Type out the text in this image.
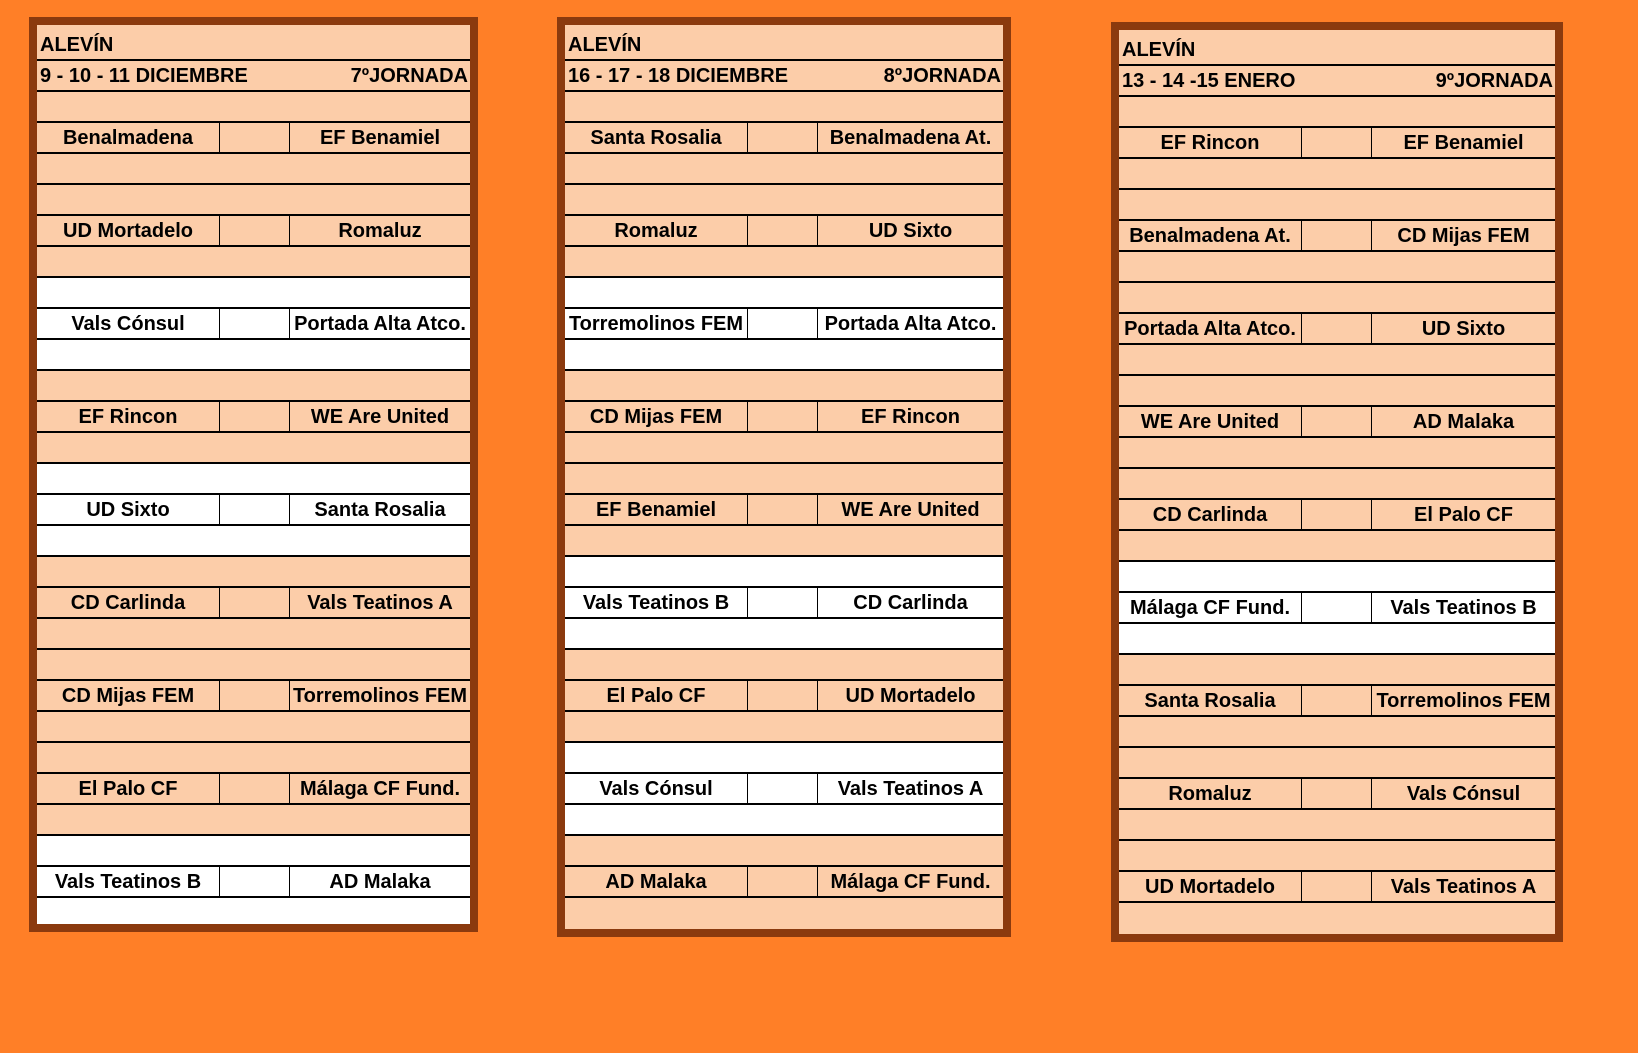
ALEVÍN
9 - 10 - 11 DICIEMBRE	7ºJORNADA
Benalmadena	EF Benamiel
UD Mortadelo	Romaluz
Vals Cónsul	Portada Alta Atco.
EF Rincon	WE Are United
UD Sixto	Santa Rosalia
CD Carlinda	Vals Teatinos A
CD Mijas FEM	Torremolinos FEM
El Palo CF	Málaga CF Fund.
Vals Teatinos B	AD Malaka
ALEVÍN
16 - 17 - 18 DICIEMBRE	8ºJORNADA
Santa Rosalia	Benalmadena At.
Romaluz	UD Sixto
Torremolinos FEM	Portada Alta Atco.
CD Mijas FEM	EF Rincon
EF Benamiel	WE Are United
Vals Teatinos B	CD Carlinda
El Palo CF	UD Mortadelo
Vals Cónsul	Vals Teatinos A
AD Malaka	Málaga CF Fund.
ALEVÍN
13 - 14 -15 ENERO	9ºJORNADA
EF Rincon	EF Benamiel
Benalmadena At.	CD Mijas FEM
Portada Alta Atco.	UD Sixto
WE Are United	AD Malaka
CD Carlinda	El Palo CF
Málaga CF Fund.	Vals Teatinos B
Santa Rosalia	Torremolinos FEM
Romaluz	Vals Cónsul
UD Mortadelo	Vals Teatinos A
